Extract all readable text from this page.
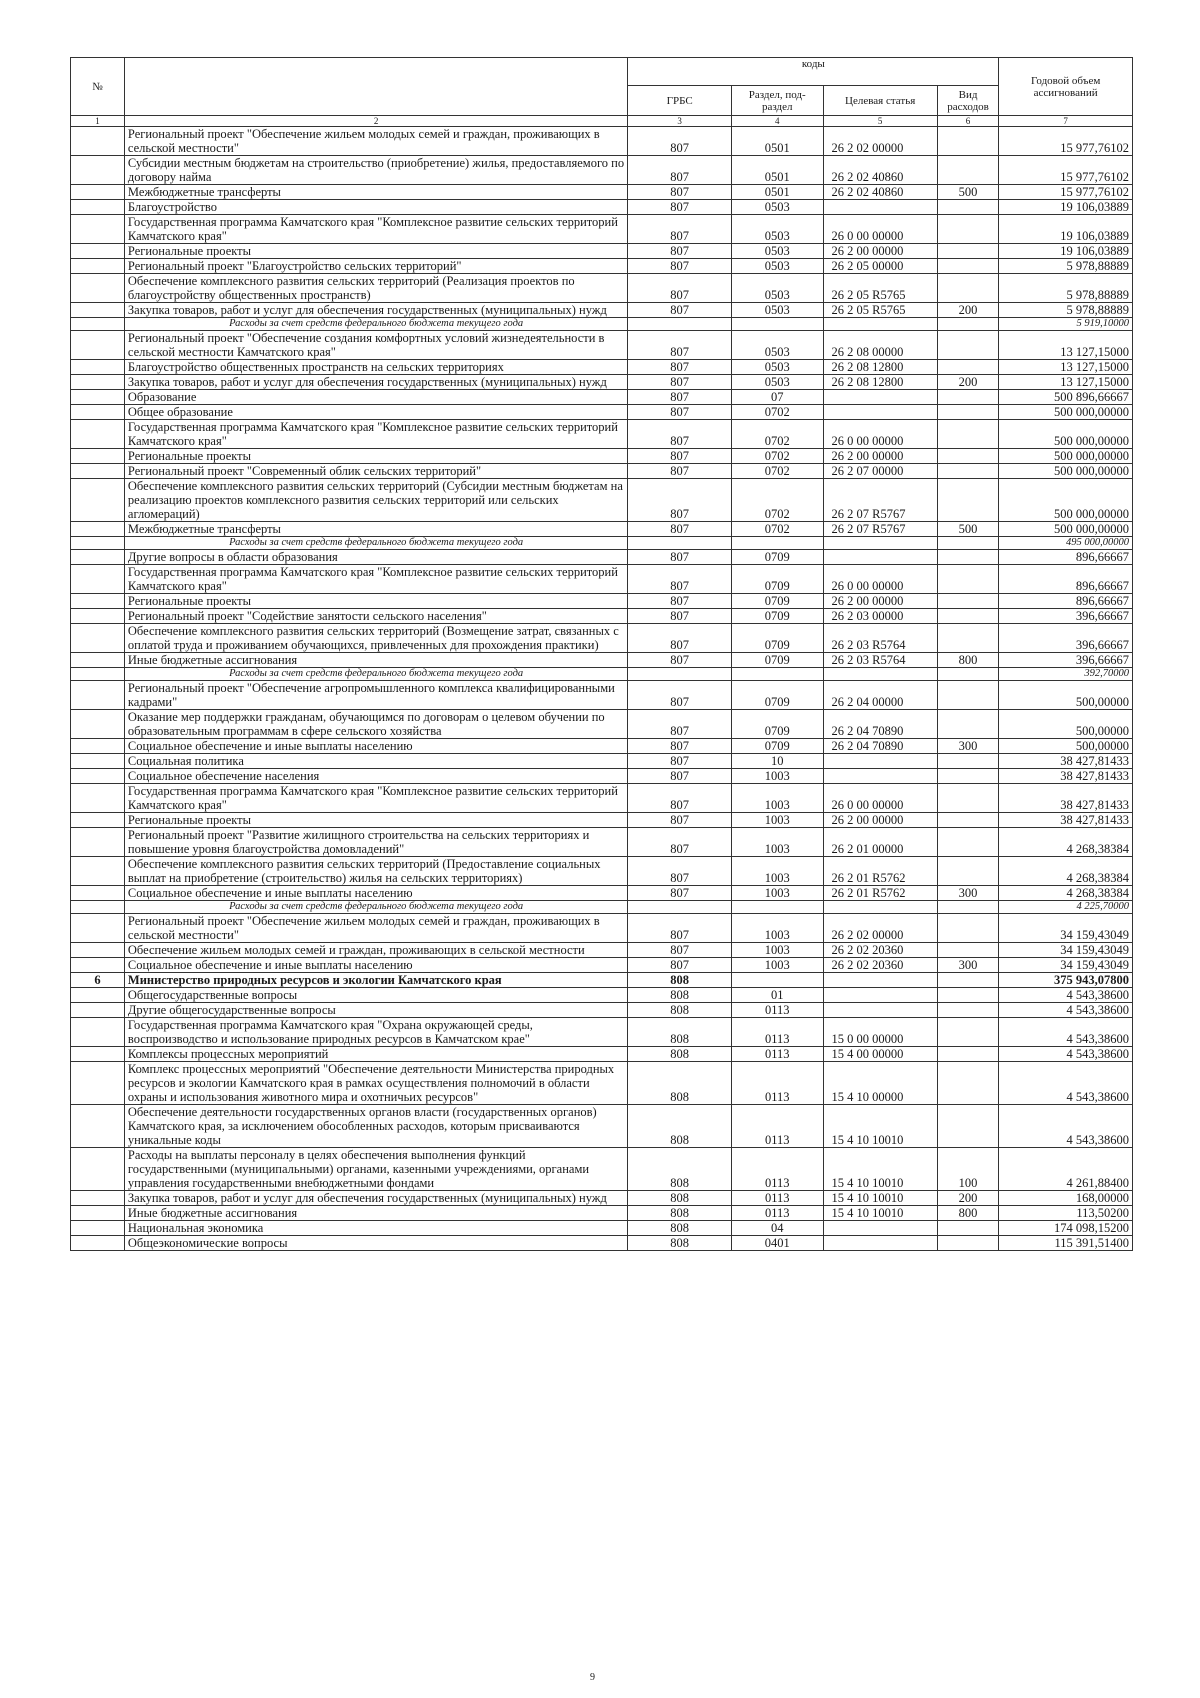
№		коды				Годовой объем ассигнований
		ГРБС	Раздел, под-раздел	Целевая статья	Вид расходов	
1	2	3	4	5	6	7
	Региональный проект "Обеспечение жильем молодых семей и граждан, проживающих в сельской местности"	807	0501	26 2 02 00000		15 977,76102
	Субсидии местным бюджетам на строительство (приобретение) жилья, предоставляемого по договору найма	807	0501	26 2 02 40860		15 977,76102
	Межбюджетные трансферты	807	0501	26 2 02 40860	500	15 977,76102
	Благоустройство	807	0503			19 106,03889
	Государственная программа Камчатского края "Комплексное развитие сельских территорий Камчатского края"	807	0503	26 0 00 00000		19 106,03889
	Региональные проекты	807	0503	26 2 00 00000		19 106,03889
	Региональный проект "Благоустройство сельских территорий"	807	0503	26 2 05 00000		5 978,88889
	Обеспечение комплексного развития сельских территорий (Реализация проектов по благоустройству общественных пространств)	807	0503	26 2 05 R5765		5 978,88889
	Закупка товаров, работ и услуг для обеспечения государственных (муниципальных) нужд	807	0503	26 2 05 R5765	200	5 978,88889
	Расходы за счет средств федерального бюджета текущего года					5 919,10000
	Региональный проект "Обеспечение создания комфортных условий жизнедеятельности в сельской местности Камчатского края"	807	0503	26 2 08 00000		13 127,15000
	Благоустройство общественных пространств на сельских территориях	807	0503	26 2 08 12800		13 127,15000
	Закупка товаров, работ и услуг для обеспечения государственных (муниципальных) нужд	807	0503	26 2 08 12800	200	13 127,15000
	Образование	807	07			500 896,66667
	Общее образование	807	0702			500 000,00000
	Государственная программа Камчатского края "Комплексное развитие сельских территорий Камчатского края"	807	0702	26 0 00 00000		500 000,00000
	Региональные проекты	807	0702	26 2 00 00000		500 000,00000
	Региональный проект "Современный облик сельских территорий"	807	0702	26 2 07 00000		500 000,00000
	Обеспечение комплексного развития сельских территорий (Субсидии местным бюджетам на реализацию проектов комплексного развития сельских территорий или сельских агломераций)	807	0702	26 2 07 R5767		500 000,00000
	Межбюджетные трансферты	807	0702	26 2 07 R5767	500	500 000,00000
	Расходы за счет средств федерального бюджета текущего года					495 000,00000
	Другие вопросы в области образования	807	0709			896,66667
	Государственная программа Камчатского края "Комплексное развитие сельских территорий Камчатского края"	807	0709	26 0 00 00000		896,66667
	Региональные проекты	807	0709	26 2 00 00000		896,66667
	Региональный проект "Содействие занятости сельского населения"	807	0709	26 2 03 00000		396,66667
	Обеспечение комплексного развития сельских территорий (Возмещение затрат, связанных с оплатой труда и проживанием обучающихся, привлеченных для прохождения практики)	807	0709	26 2 03 R5764		396,66667
	Иные бюджетные ассигнования	807	0709	26 2 03 R5764	800	396,66667
	Расходы за счет средств федерального бюджета текущего года					392,70000
	Региональный проект "Обеспечение агропромышленного комплекса квалифицированными кадрами"	807	0709	26 2 04 00000		500,00000
	Оказание мер поддержки гражданам, обучающимся по договорам о целевом обучении по образовательным программам в сфере сельского хозяйства	807	0709	26 2 04 70890		500,00000
	Социальное обеспечение и иные выплаты населению	807	0709	26 2 04 70890	300	500,00000
	Социальная политика	807	10			38 427,81433
	Социальное обеспечение населения	807	1003			38 427,81433
	Государственная программа Камчатского края "Комплексное развитие сельских территорий Камчатского края"	807	1003	26 0 00 00000		38 427,81433
	Региональные проекты	807	1003	26 2 00 00000		38 427,81433
	Региональный проект "Развитие жилищного строительства на сельских территориях и повышение уровня благоустройства домовладений"	807	1003	26 2 01 00000		4 268,38384
	Обеспечение комплексного развития сельских территорий (Предоставление социальных выплат на приобретение (строительство) жилья на сельских территориях)	807	1003	26 2 01 R5762		4 268,38384
	Социальное обеспечение и иные выплаты населению	807	1003	26 2 01 R5762	300	4 268,38384
	Расходы за счет средств федерального бюджета текущего года					4 225,70000
	Региональный проект "Обеспечение жильем молодых семей и граждан, проживающих в сельской местности"	807	1003	26 2 02 00000		34 159,43049
	Обеспечение жильем молодых семей и граждан, проживающих в сельской местности	807	1003	26 2 02 20360		34 159,43049
	Социальное обеспечение и иные выплаты населению	807	1003	26 2 02 20360	300	34 159,43049
6	Министерство природных ресурсов и экологии Камчатского края	808				375 943,07800
	Общегосударственные вопросы	808	01			4 543,38600
	Другие общегосударственные вопросы	808	0113			4 543,38600
	Государственная программа Камчатского края "Охрана окружающей среды, воспроизводство и использование природных ресурсов в Камчатском крае"	808	0113	15 0 00 00000		4 543,38600
	Комплексы процессных мероприятий	808	0113	15 4 00 00000		4 543,38600
	Комплекс процессных мероприятий "Обеспечение деятельности Министерства природных ресурсов и экологии Камчатского края в рамках осуществления полномочий в области охраны и использования животного мира и охотничьих ресурсов"	808	0113	15 4 10 00000		4 543,38600
	Обеспечение деятельности государственных органов власти (государственных органов) Камчатского края, за исключением обособленных расходов, которым присваиваются уникальные коды	808	0113	15 4 10 10010		4 543,38600
	Расходы на выплаты персоналу в целях обеспечения выполнения функций государственными (муниципальными) органами, казенными учреждениями, органами управления государственными внебюджетными фондами	808	0113	15 4 10 10010	100	4 261,88400
	Закупка товаров, работ и услуг для обеспечения государственных (муниципальных) нужд	808	0113	15 4 10 10010	200	168,00000
	Иные бюджетные ассигнования	808	0113	15 4 10 10010	800	113,50200
	Национальная экономика	808	04			174 098,15200
	Общеэкономические вопросы	808	0401			115 391,51400
9
